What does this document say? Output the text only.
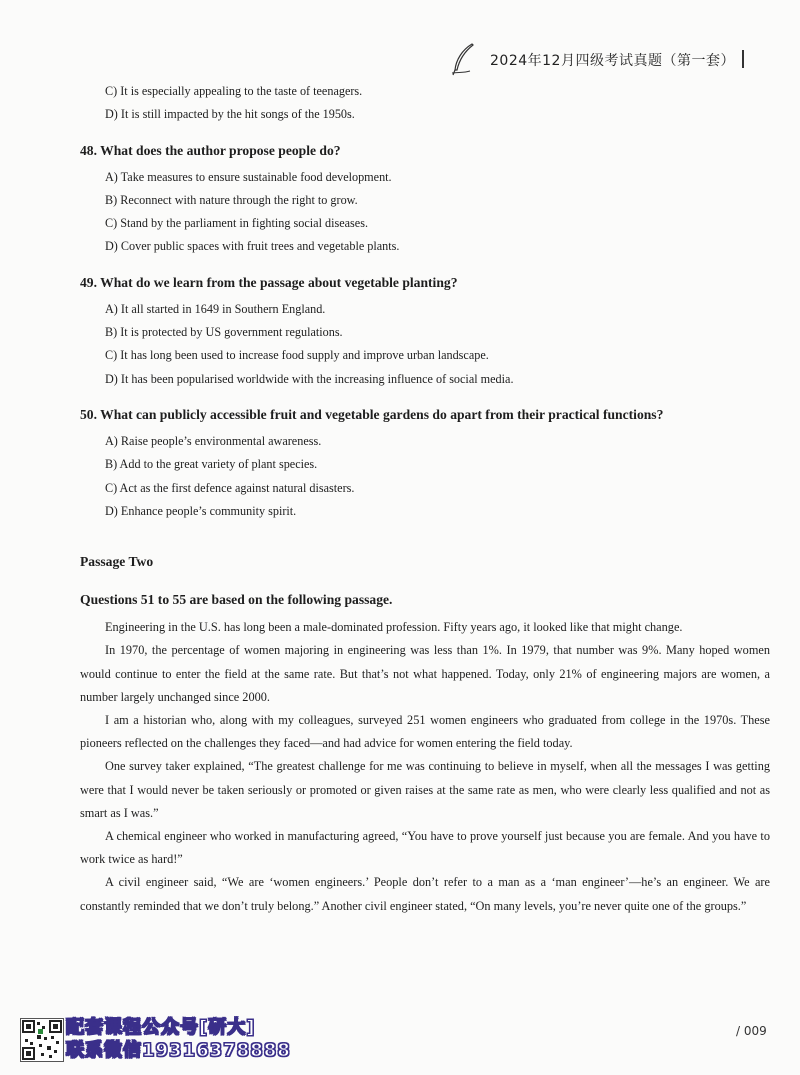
2024年12月四级考试真题（第一套）

C) It is especially appealing to the taste of teenagers.

D) It is still impacted by the hit songs of the 1950s.

48. What does the author propose people do?

A) Take measures to ensure sustainable food development.

B) Reconnect with nature through the right to grow.

C) Stand by the parliament in fighting social diseases.

D) Cover public spaces with fruit trees and vegetable plants.

49. What do we learn from the passage about vegetable planting?

A) It all started in 1649 in Southern England.

B) It is protected by US government regulations.

C) It has long been used to increase food supply and improve urban landscape.

D) It has been popularised worldwide with the increasing influence of social media.

50. What can publicly accessible fruit and vegetable gardens do apart from their practical functions?

A) Raise people’s environmental awareness.

B) Add to the great variety of plant species.

C) Act as the first defence against natural disasters.

D) Enhance people’s community spirit.

Passage Two

Questions 51 to 55 are based on the following passage.

Engineering in the U.S. has long been a male-dominated profession. Fifty years ago, it looked like that might change.

In 1970, the percentage of women majoring in engineering was less than 1%. In 1979, that number was 9%. Many hoped women would continue to enter the field at the same rate. But that’s not what happened. Today, only 21% of engineering majors are women, a number largely unchanged since 2000.

I am a historian who, along with my colleagues, surveyed 251 women engineers who graduated from college in the 1970s. These pioneers reflected on the challenges they faced—and had advice for women entering the field today.

One survey taker explained, “The greatest challenge for me was continuing to believe in myself, when all the messages I was getting were that I would never be taken seriously or promoted or given raises at the same rate as men, who were clearly less qualified and not as smart as I was.”

A chemical engineer who worked in manufacturing agreed, “You have to prove yourself just because you are female. And you have to work twice as hard!”

A civil engineer said, “We are ‘women engineers.’ People don’t refer to a man as a ‘man engineer’—he’s an engineer. We are constantly reminded that we don’t truly belong.” Another civil engineer stated, “On many levels, you’re never quite one of the groups.”

配套课程公众号[研大]
联系微信19316378888
/ 009
